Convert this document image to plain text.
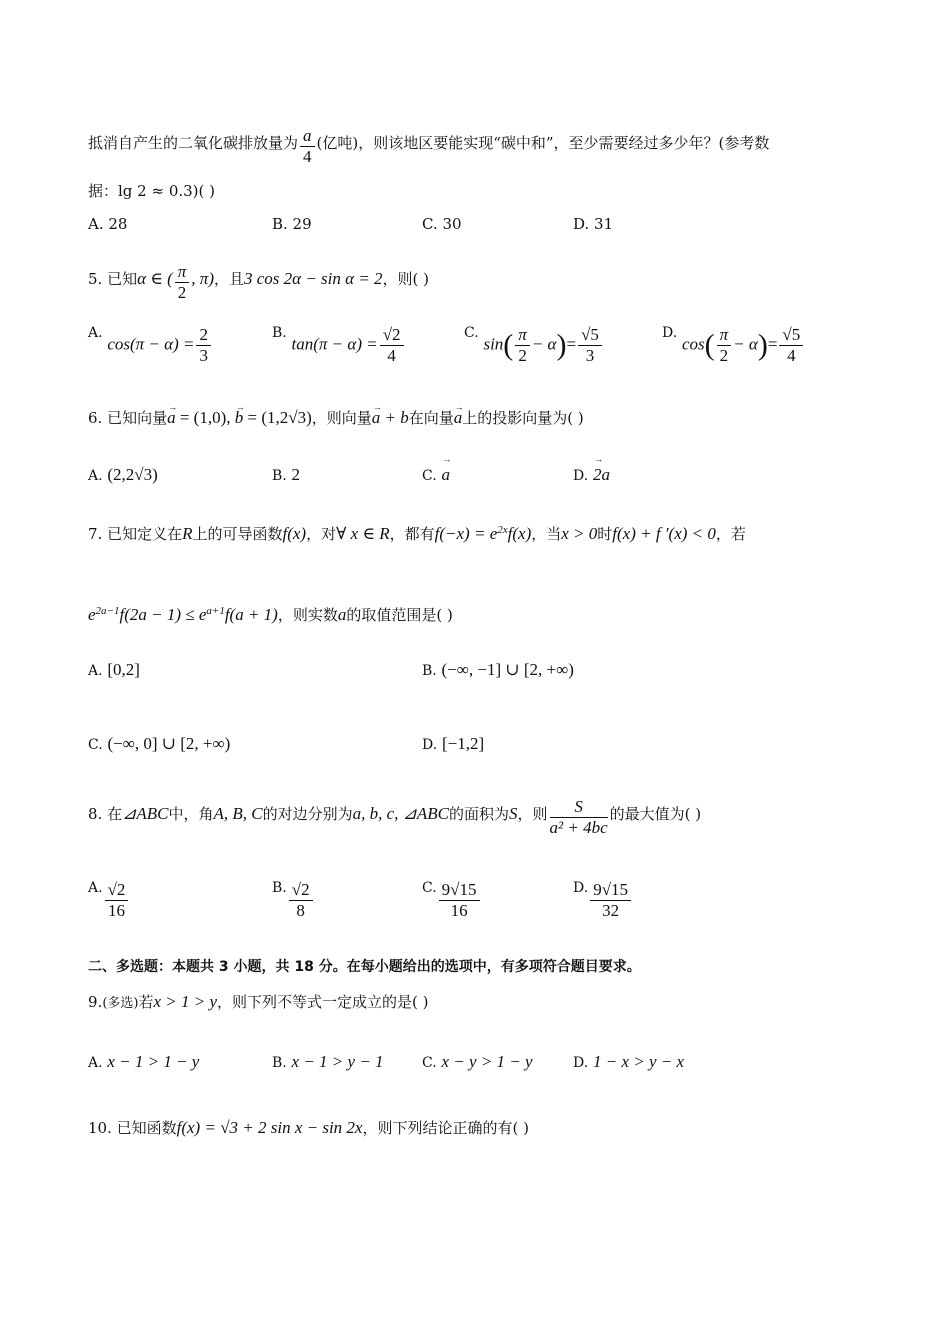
抵消自产生的二氧化碳排放量为 $\frac{a}{4}$ (亿吨)，则该地区要能实现“碳中和”，至少需要经过多少年？(参考数
据：lg 2 ≈ 0.3)( )
A. 28	B. 29	C. 30	D. 31
5. 已知α ∈ ( $\frac{\pi}{2}$ , π)，且3 cos 2α − sin α = 2，则( )
A. $\cos(\pi - \alpha) = \frac{2}{3}$	B. $\tan(\pi - \alpha) = \frac{√2}{4}$	C. $\sin( \frac{\pi}{2} - \alpha)= \frac{√5}{3}$	D. $\cos( \frac{\pi}{2} - \alpha)= \frac{√5}{4}$
6. 已知向量→ a = (1,0), → b = (1,2√3)，则向量→ a + b在向量→ a上的投影向量为( )
A. (2,2√3)	B. 2	C. → a	D. → 2a
7. 已知定义在R上的可导函数f(x)，对∀ x ∈ R，都有$f(-x) = e^{2x}f(x)$，当x > 0时f(x) + f ′(x) < 0，若
$e^{2a-1}f(2a - 1) \le e^{a+1}f(a + 1)$，则实数a的取值范围是( )
A. [0,2]	B. (−∞, −1] ∪ [2, +∞)
C. (−∞, 0] ∪ [2, +∞)	D. [−1,2]
8. 在⊿ABC中，角A, B, C的对边分别为a, b, c, ⊿ABC的面积为S，则 $\frac{S}{\text{a² + 4bc}}$ 的最大值为( )
A. $\frac{√2}{16}$	B. $\frac{√2}{8}$	C. $\frac{9√15}{16}$	D. $\frac{9√15}{32}$
二、多选题：本题共 3 小题，共 18 分。在每小题给出的选项中，有多项符合题目要求。
9.(多选)若x > 1 > y，则下列不等式一定成立的是( )
A. x − 1 > 1 − y	B. x − 1 > y − 1	C. x − y > 1 − y	D. 1 − x > y − x
10. 已知函数f(x) = √3 + 2 sin x − sin 2x，则下列结论正确的有( )
